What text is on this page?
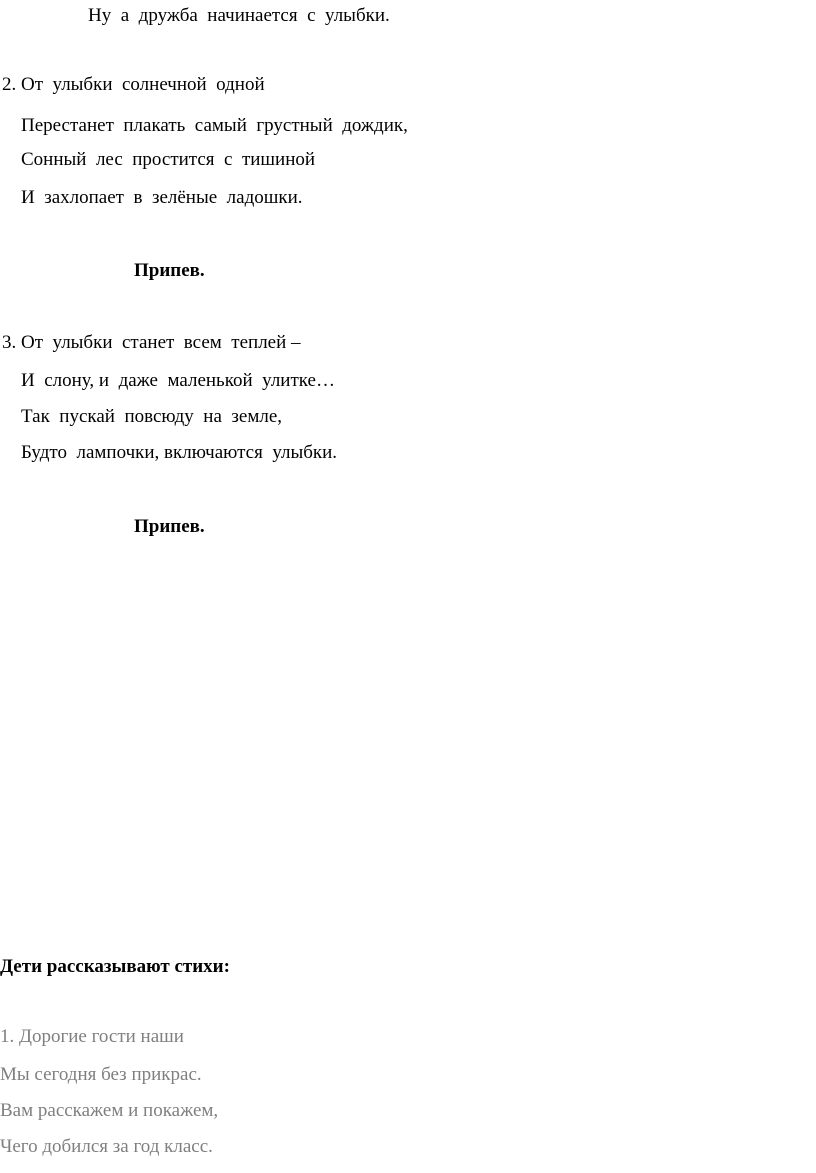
Ну  а  дружба  начинается  с  улыбки.
2. От  улыбки  солнечной  одной
Перестанет  плакать  самый  грустный  дождик,
Сонный  лес  простится  с  тишиной
И  захлопает  в  зелёные  ладошки.
Припев.
3. От  улыбки  станет  всем  теплей –
И  слону, и  даже  маленькой  улитке…
Так  пускай  повсюду  на  земле,
Будто  лампочки, включаются  улыбки.
Припев.
Дети рассказывают стихи:
1. Дорогие гости наши
Мы сегодня без прикрас.
Вам расскажем и покажем,
Чего добился за год класс.
